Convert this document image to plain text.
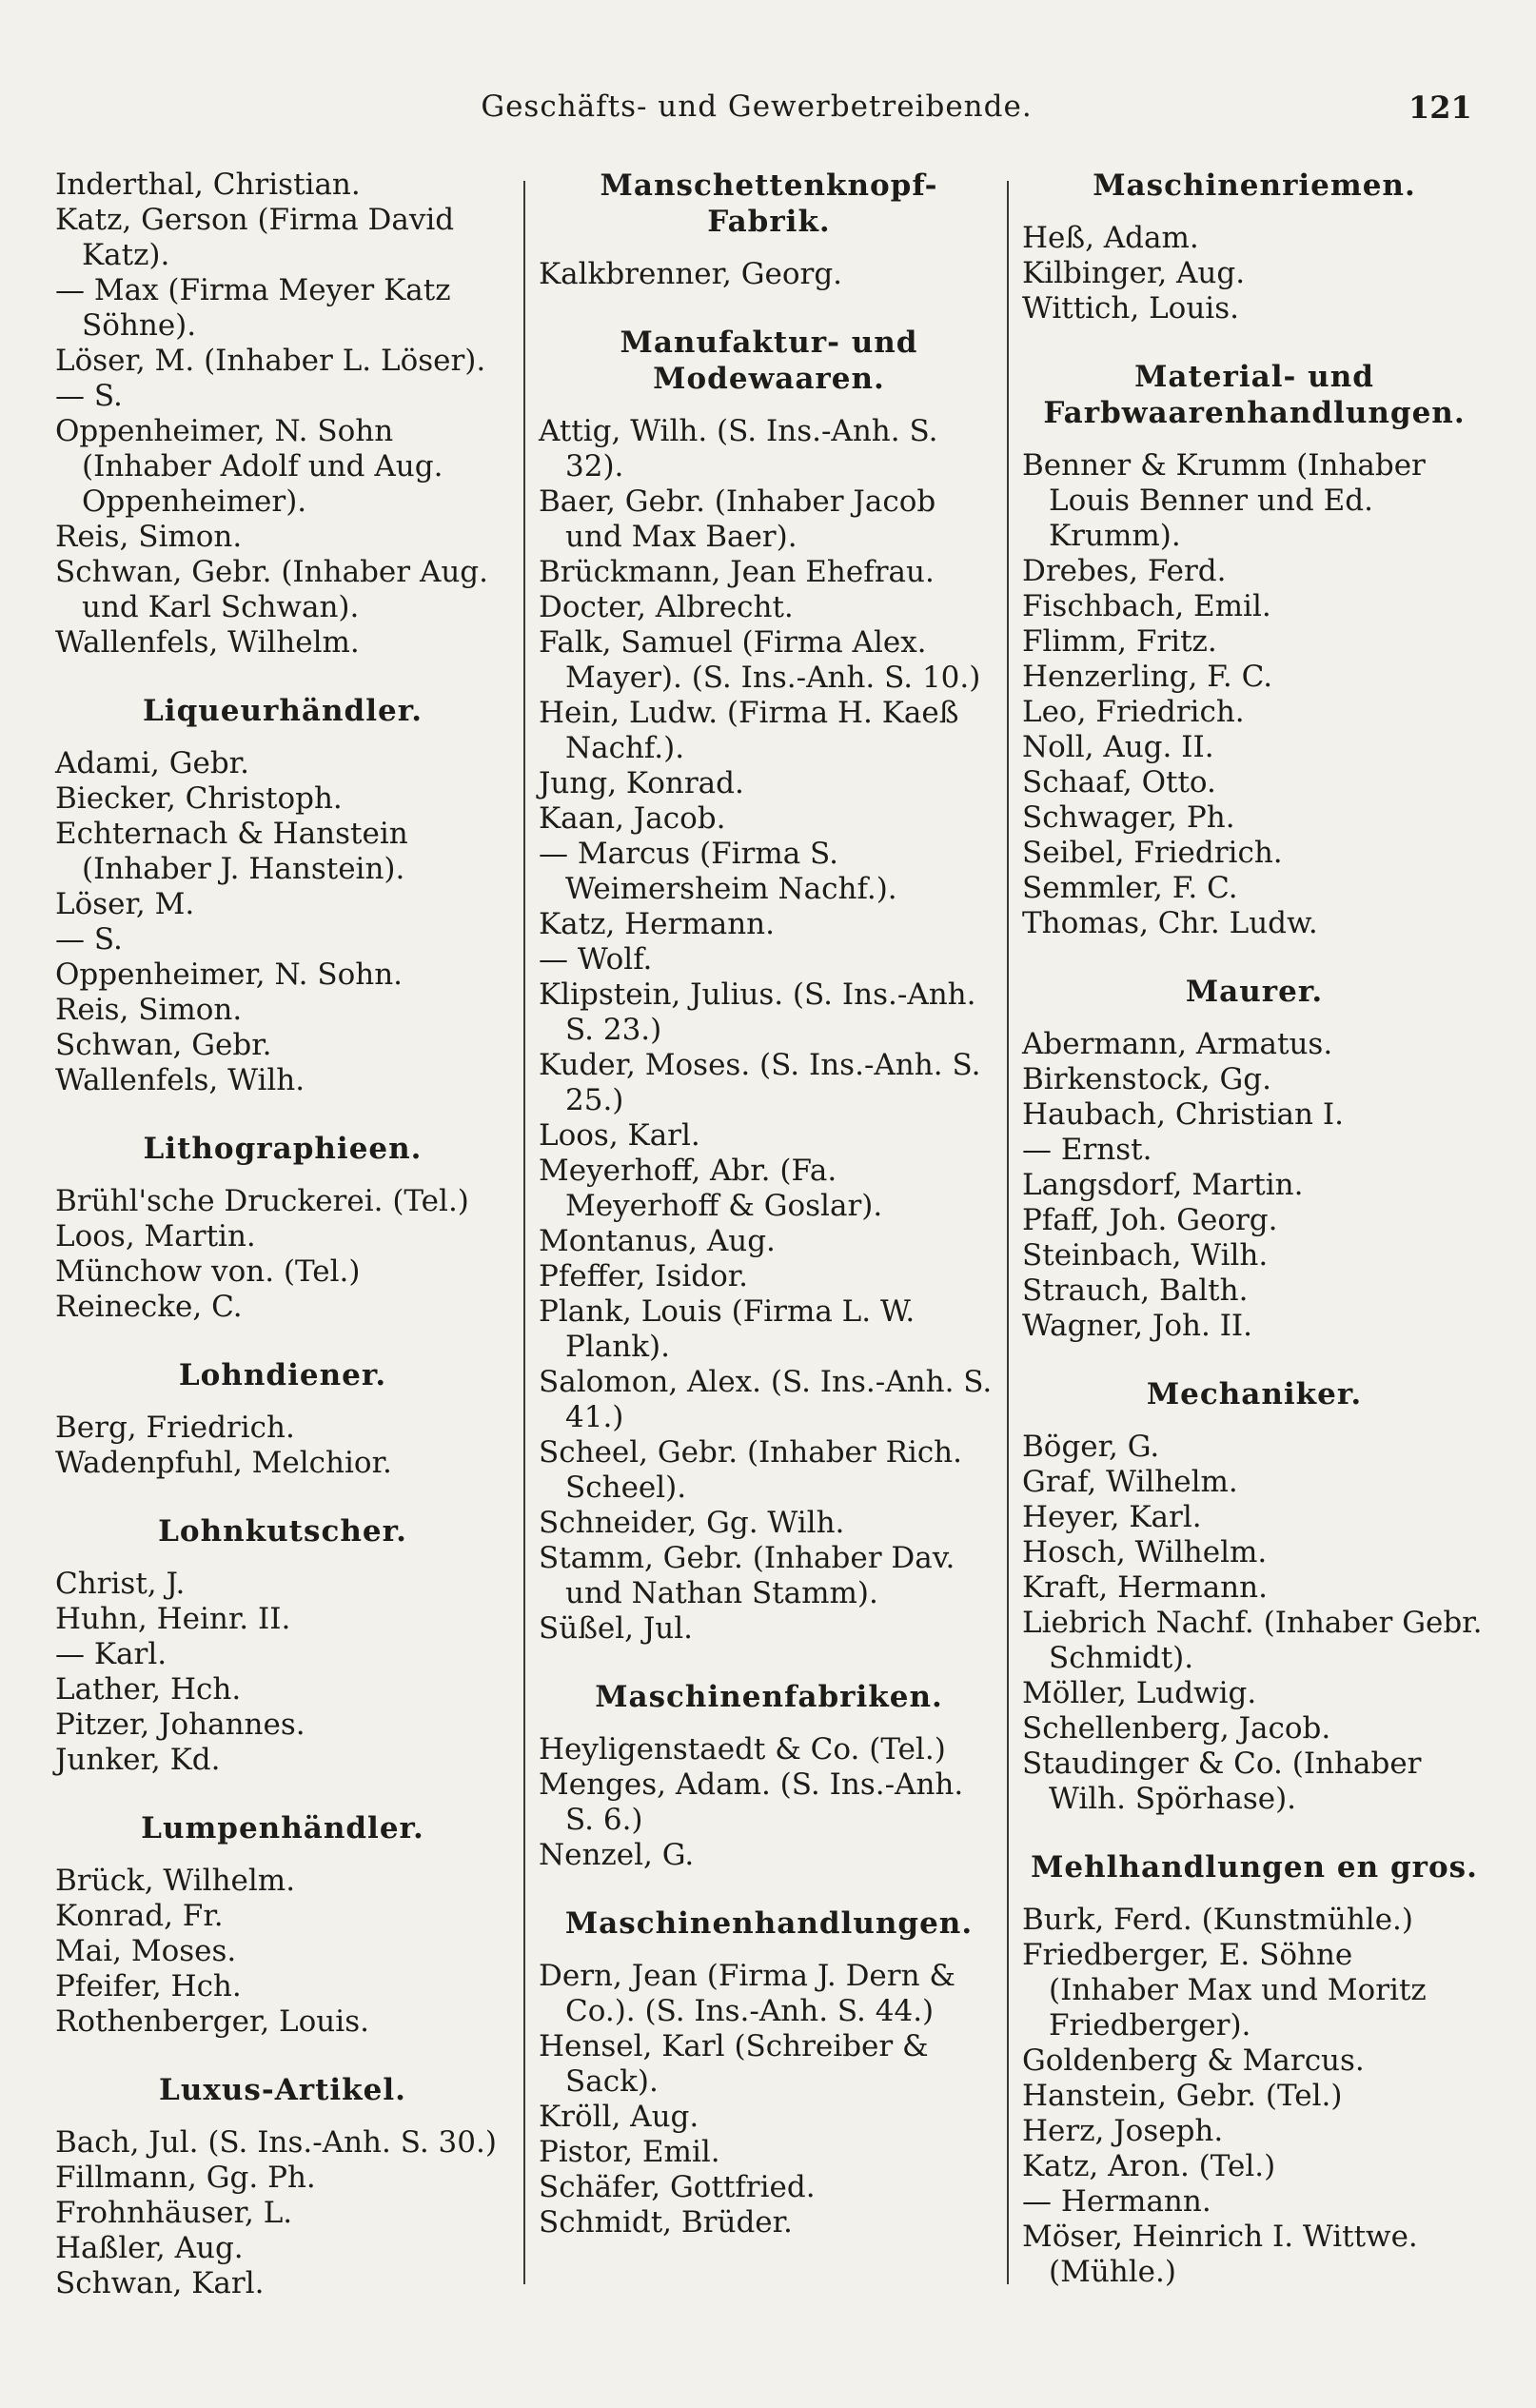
Geschäfts- und Gewerbetreibende.	121
Inderthal, Christian.
Katz, Gerson (Firma David Katz).
— Max (Firma Meyer Katz Söhne).
Löser, M. (Inhaber L. Löser).
— S.
Oppenheimer, N. Sohn (Inhaber Adolf und Aug. Oppenheimer).
Reis, Simon.
Schwan, Gebr. (Inhaber Aug. und Karl Schwan).
Wallenfels, Wilhelm.
Liqueurhändler.
Adami, Gebr.
Biecker, Christoph.
Echternach & Hanstein (Inhaber J. Hanstein).
Löser, M.
— S.
Oppenheimer, N. Sohn.
Reis, Simon.
Schwan, Gebr.
Wallenfels, Wilh.
Lithographieen.
Brühl'sche Druckerei. (Tel.)
Loos, Martin.
Münchow von. (Tel.)
Reinecke, C.
Lohndiener.
Berg, Friedrich.
Wadenpfuhl, Melchior.
Lohnkutscher.
Christ, J.
Huhn, Heinr. II.
— Karl.
Lather, Hch.
Pitzer, Johannes.
Junker, Kd.
Lumpenhändler.
Brück, Wilhelm.
Konrad, Fr.
Mai, Moses.
Pfeifer, Hch.
Rothenberger, Louis.
Luxus-Artikel.
Bach, Jul. (S. Ins.-Anh. S. 30.)
Fillmann, Gg. Ph.
Frohnhäuser, L.
Haßler, Aug.
Schwan, Karl.
Manschettenknopf-Fabrik.
Kalkbrenner, Georg.
Manufaktur- und Modewaaren.
Attig, Wilh. (S. Ins.-Anh. S. 32).
Baer, Gebr. (Inhaber Jacob und Max Baer).
Brückmann, Jean Ehefrau.
Docter, Albrecht.
Falk, Samuel (Firma Alex. Mayer). (S. Ins.-Anh. S. 10.)
Hein, Ludw. (Firma H. Kaeß Nachf.).
Jung, Konrad.
Kaan, Jacob.
— Marcus (Firma S. Weimersheim Nachf.).
Katz, Hermann.
— Wolf.
Klipstein, Julius. (S. Ins.-Anh. S. 23.)
Kuder, Moses. (S. Ins.-Anh. S. 25.)
Loos, Karl.
Meyerhoff, Abr. (Fa. Meyerhoff & Goslar).
Montanus, Aug.
Pfeffer, Isidor.
Plank, Louis (Firma L. W. Plank).
Salomon, Alex. (S. Ins.-Anh. S. 41.)
Scheel, Gebr. (Inhaber Rich. Scheel).
Schneider, Gg. Wilh.
Stamm, Gebr. (Inhaber Dav. und Nathan Stamm).
Süßel, Jul.
Maschinenfabriken.
Heyligenstaedt & Co. (Tel.)
Menges, Adam. (S. Ins.-Anh. S. 6.)
Nenzel, G.
Maschinenhandlungen.
Dern, Jean (Firma J. Dern & Co.). (S. Ins.-Anh. S. 44.)
Hensel, Karl (Schreiber & Sack).
Kröll, Aug.
Pistor, Emil.
Schäfer, Gottfried.
Schmidt, Brüder.
Maschinenriemen.
Heß, Adam.
Kilbinger, Aug.
Wittich, Louis.
Material- und Farbwaarenhandlungen.
Benner & Krumm (Inhaber Louis Benner und Ed. Krumm).
Drebes, Ferd.
Fischbach, Emil.
Flimm, Fritz.
Henzerling, F. C.
Leo, Friedrich.
Noll, Aug. II.
Schaaf, Otto.
Schwager, Ph.
Seibel, Friedrich.
Semmler, F. C.
Thomas, Chr. Ludw.
Maurer.
Abermann, Armatus.
Birkenstock, Gg.
Haubach, Christian I.
— Ernst.
Langsdorf, Martin.
Pfaff, Joh. Georg.
Steinbach, Wilh.
Strauch, Balth.
Wagner, Joh. II.
Mechaniker.
Böger, G.
Graf, Wilhelm.
Heyer, Karl.
Hosch, Wilhelm.
Kraft, Hermann.
Liebrich Nachf. (Inhaber Gebr. Schmidt).
Möller, Ludwig.
Schellenberg, Jacob.
Staudinger & Co. (Inhaber Wilh. Spörhase).
Mehlhandlungen en gros.
Burk, Ferd. (Kunstmühle.)
Friedberger, E. Söhne (Inhaber Max und Moritz Friedberger).
Goldenberg & Marcus.
Hanstein, Gebr. (Tel.)
Herz, Joseph.
Katz, Aron. (Tel.)
— Hermann.
Möser, Heinrich I. Wittwe. (Mühle.)
